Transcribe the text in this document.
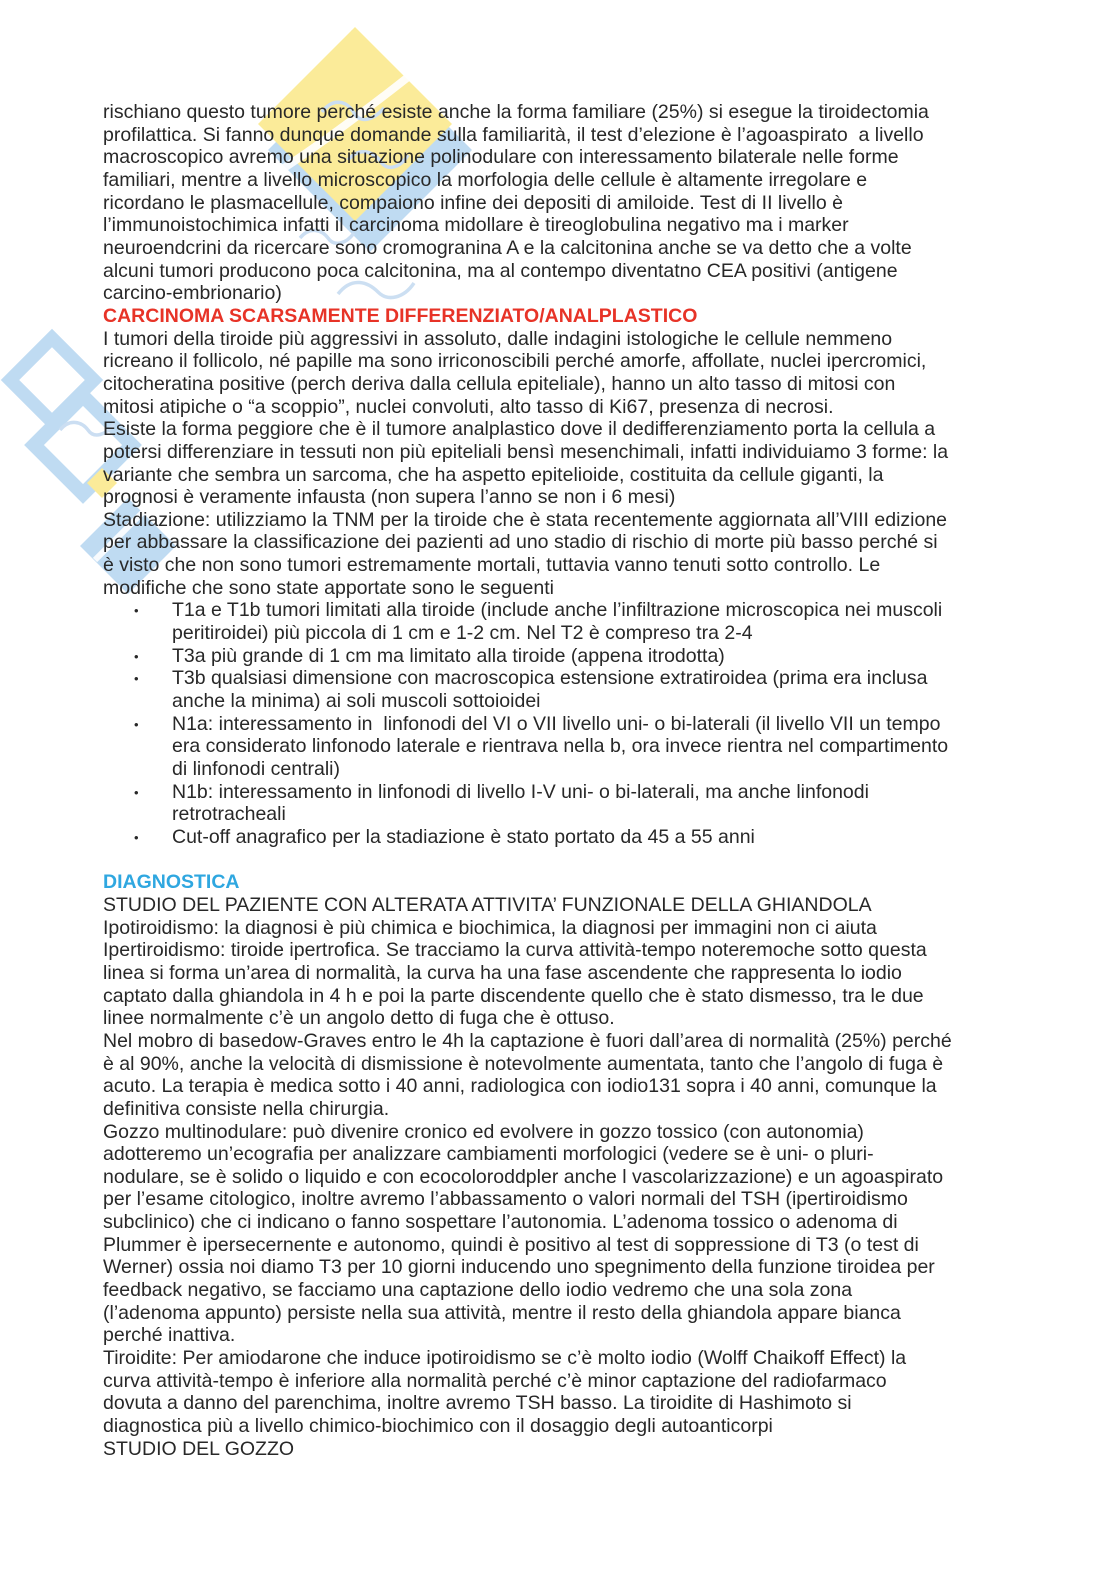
rischiano questo tumore perché esiste anche la forma familiare (25%) si esegue la tiroidectomia
profilattica. Si fanno dunque domande sulla familiarità, il test d’elezione è l’agoaspirato  a livello
macroscopico avremo una situazione polinodulare con interessamento bilaterale nelle forme
familiari, mentre a livello microscopico la morfologia delle cellule è altamente irregolare e
ricordano le plasmacellule, compaiono infine dei depositi di amiloide. Test di II livello è
l’immunoistochimica infatti il carcinoma midollare è tireoglobulina negativo ma i marker
neuroendcrini da ricercare sono cromogranina A e la calcitonina anche se va detto che a volte
alcuni tumori producono poca calcitonina, ma al contempo diventatno CEA positivi (antigene
carcino-embrionario)
CARCINOMA SCARSAMENTE DIFFERENZIATO/ANALPLASTICO
I tumori della tiroide più aggressivi in assoluto, dalle indagini istologiche le cellule nemmeno
ricreano il follicolo, né papille ma sono irriconoscibili perché amorfe, affollate, nuclei ipercromici,
citocheratina positive (perch deriva dalla cellula epiteliale), hanno un alto tasso di mitosi con
mitosi atipiche o “a scoppio”, nuclei convoluti, alto tasso di Ki67, presenza di necrosi.
Esiste la forma peggiore che è il tumore analplastico dove il dedifferenziamento porta la cellula a
potersi differenziare in tessuti non più epiteliali bensì mesenchimali, infatti individuiamo 3 forme: la
variante che sembra un sarcoma, che ha aspetto epitelioide, costituita da cellule giganti, la
prognosi è veramente infausta (non supera l’anno se non i 6 mesi)
Stadiazione: utilizziamo la TNM per la tiroide che è stata recentemente aggiornata all’VIII edizione
per abbassare la classificazione dei pazienti ad uno stadio di rischio di morte più basso perché si
è visto che non sono tumori estremamente mortali, tuttavia vanno tenuti sotto controllo. Le
modifiche che sono state apportate sono le seguenti
• T1a e T1b tumori limitati alla tiroide (include anche l’infiltrazione microscopica nei muscoli
peritiroidei) più piccola di 1 cm e 1-2 cm. Nel T2 è compreso tra 2-4
• T3a più grande di 1 cm ma limitato alla tiroide (appena itrodotta)
• T3b qualsiasi dimensione con macroscopica estensione extratiroidea (prima era inclusa
anche la minima) ai soli muscoli sottoioidei
• N1a: interessamento in  linfonodi del VI o VII livello uni- o bi-laterali (il livello VII un tempo
era considerato linfonodo laterale e rientrava nella b, ora invece rientra nel compartimento
di linfonodi centrali)
• N1b: interessamento in linfonodi di livello I-V uni- o bi-laterali, ma anche linfonodi
retrotracheali
• Cut-off anagrafico per la stadiazione è stato portato da 45 a 55 anni
DIAGNOSTICA
STUDIO DEL PAZIENTE CON ALTERATA ATTIVITA’ FUNZIONALE DELLA GHIANDOLA
Ipotiroidismo: la diagnosi è più chimica e biochimica, la diagnosi per immagini non ci aiuta
Ipertiroidismo: tiroide ipertrofica. Se tracciamo la curva attività-tempo noteremoche sotto questa
linea si forma un’area di normalità, la curva ha una fase ascendente che rappresenta lo iodio
captato dalla ghiandola in 4 h e poi la parte discendente quello che è stato dismesso, tra le due
linee normalmente c’è un angolo detto di fuga che è ottuso.
Nel mobro di basedow-Graves entro le 4h la captazione è fuori dall’area di normalità (25%) perché
è al 90%, anche la velocità di dismissione è notevolmente aumentata, tanto che l’angolo di fuga è
acuto. La terapia è medica sotto i 40 anni, radiologica con iodio131 sopra i 40 anni, comunque la
definitiva consiste nella chirurgia.
Gozzo multinodulare: può divenire cronico ed evolvere in gozzo tossico (con autonomia)
adotteremo un’ecografia per analizzare cambiamenti morfologici (vedere se è uni- o pluri-
nodulare, se è solido o liquido e con ecocoloroddpler anche l vascolarizzazione) e un agoaspirato
per l’esame citologico, inoltre avremo l’abbassamento o valori normali del TSH (ipertiroidismo
subclinico) che ci indicano o fanno sospettare l’autonomia. L’adenoma tossico o adenoma di
Plummer è ipersecernente e autonomo, quindi è positivo al test di soppressione di T3 (o test di
Werner) ossia noi diamo T3 per 10 giorni inducendo uno spegnimento della funzione tiroidea per
feedback negativo, se facciamo una captazione dello iodio vedremo che una sola zona
(l’adenoma appunto) persiste nella sua attività, mentre il resto della ghiandola appare bianca
perché inattiva.
Tiroidite: Per amiodarone che induce ipotiroidismo se c’è molto iodio (Wolff Chaikoff Effect) la
curva attività-tempo è inferiore alla normalità perché c’è minor captazione del radiofarmaco
dovuta a danno del parenchima, inoltre avremo TSH basso. La tiroidite di Hashimoto si
diagnostica più a livello chimico-biochimico con il dosaggio degli autoanticorpi
STUDIO DEL GOZZO
